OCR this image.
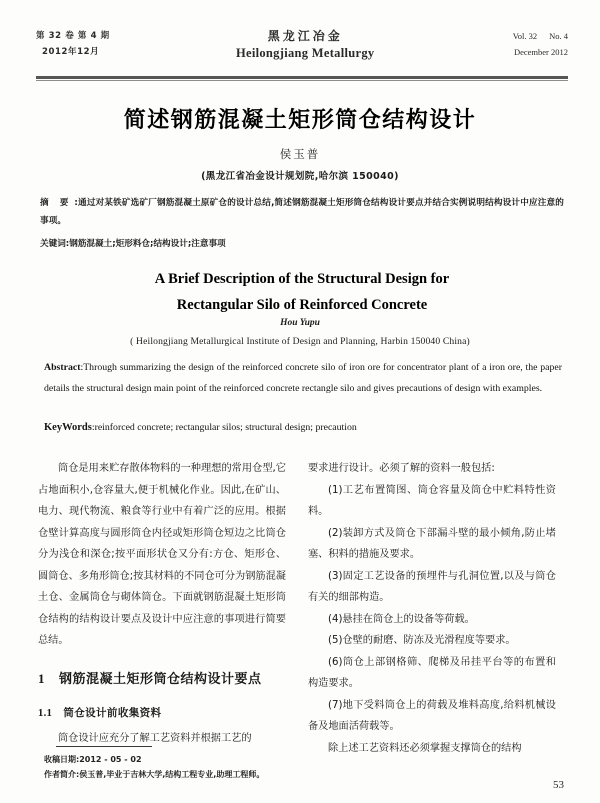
第 32 卷 第 4 期
2012年12月
黑龙江冶金
Heilongjiang Metallurgy
Vol. 32 No. 4
December 2012
简述钢筋混凝土矩形筒仓结构设计
侯玉普
(黑龙江省冶金设计规划院,哈尔滨 150040)
摘 要 :通过对某铁矿选矿厂钢筋混凝土原矿仓的设计总结,简述钢筋混凝土矩形筒仓结构设计要点并结合实例说明结构设计中应注意的事项。
关键词:钢筋混凝土;矩形料仓;结构设计;注意事项
A Brief Description of the Structural Design for
Rectangular Silo of Reinforced Concrete
Hou Yupu
( Heilongjiang Metallurgical Institute of Design and Planning, Harbin 150040 China)
Abstract:Through summarizing the design of the reinforced concrete silo of iron ore for concentrator plant of a iron ore, the paper details the structural design main point of the reinforced concrete rectangle silo and gives precautions of design with examples.
KeyWords:reinforced concrete; rectangular silos; structural design; precaution

筒仓是用来贮存散体物料的一种理想的常用仓型,它占地面积小,仓容量大,便于机械化作业。因此,在矿山、电力、现代物流、粮食等行业中有着广泛的应用。根据仓壁计算高度与圆形筒仓内径或矩形筒仓短边之比筒仓分为浅仓和深仓;按平面形状仓又分有:方仓、矩形仓、圆筒仓、多角形筒仓;按其材料的不同仓可分为钢筋混凝土仓、金属筒仓与砌体筒仓。下面就钢筋混凝土矩形筒仓结构的结构设计要点及设计中应注意的事项进行简要总结。

1 钢筋混凝土矩形筒仓结构设计要点
1.1 筒仓设计前收集资料

筒仓设计应充分了解工艺资料并根据工艺的

要求进行设计。必须了解的资料一般包括:

(1)工艺布置简图、筒仓容量及筒仓中贮料特性资料。

(2)装卸方式及筒仓下部漏斗壁的最小倾角,防止堵塞、积料的措施及要求。

(3)固定工艺设备的预埋件与孔洞位置,以及与筒仓有关的细部构造。

(4)悬挂在筒仓上的设备等荷载。

(5)仓壁的耐磨、防冻及光滑程度等要求。

(6)筒仓上部钢格筛、爬梯及吊挂平台等的布置和构造要求。

(7)地下受料筒仓上的荷载及堆料高度,给料机械设备及地面活荷载等。

除上述工艺资料还必须掌握支撑筒仓的结构

收稿日期:2012 - 05 - 02
作者简介:侯玉普,毕业于吉林大学,结构工程专业,助理工程师。
53
